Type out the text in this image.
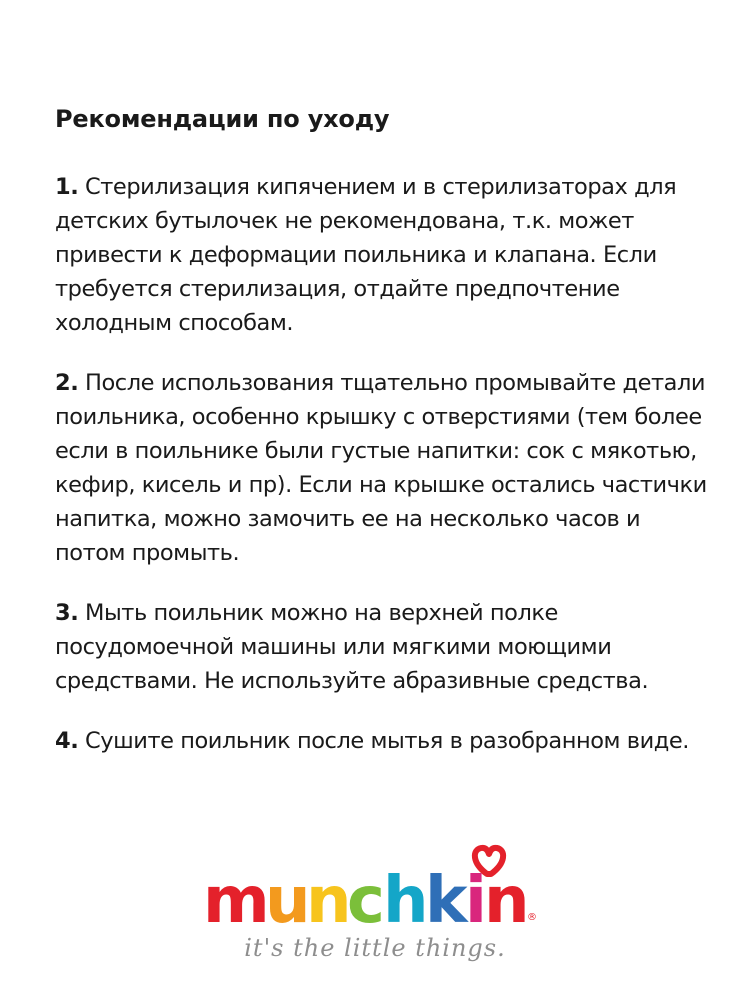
Рекомендации по уходу

1. Стерилизация кипячением и в стерилизаторах для детских бутылочек не рекомендована, т.к. может привести к деформации поильника и клапана. Если требуется стерилизация, отдайте предпочтение холодным способам.

2. После использования тщательно промывайте детали поильника, особенно крышку с отверстиями (тем более если в поильнике были густые напитки: сок с мякотью, кефир, кисель и пр). Если на крышке остались частички напитка, можно замочить ее на несколько часов и потом промыть.

3. Мыть поильник можно на верхней полке посудомоечной машины или мягкими моющими средствами. Не используйте абразивные средства.

4. Сушите поильник после мытья в разобранном виде.

m
u
n
c
h
k
i
n
®
it's the little things.
